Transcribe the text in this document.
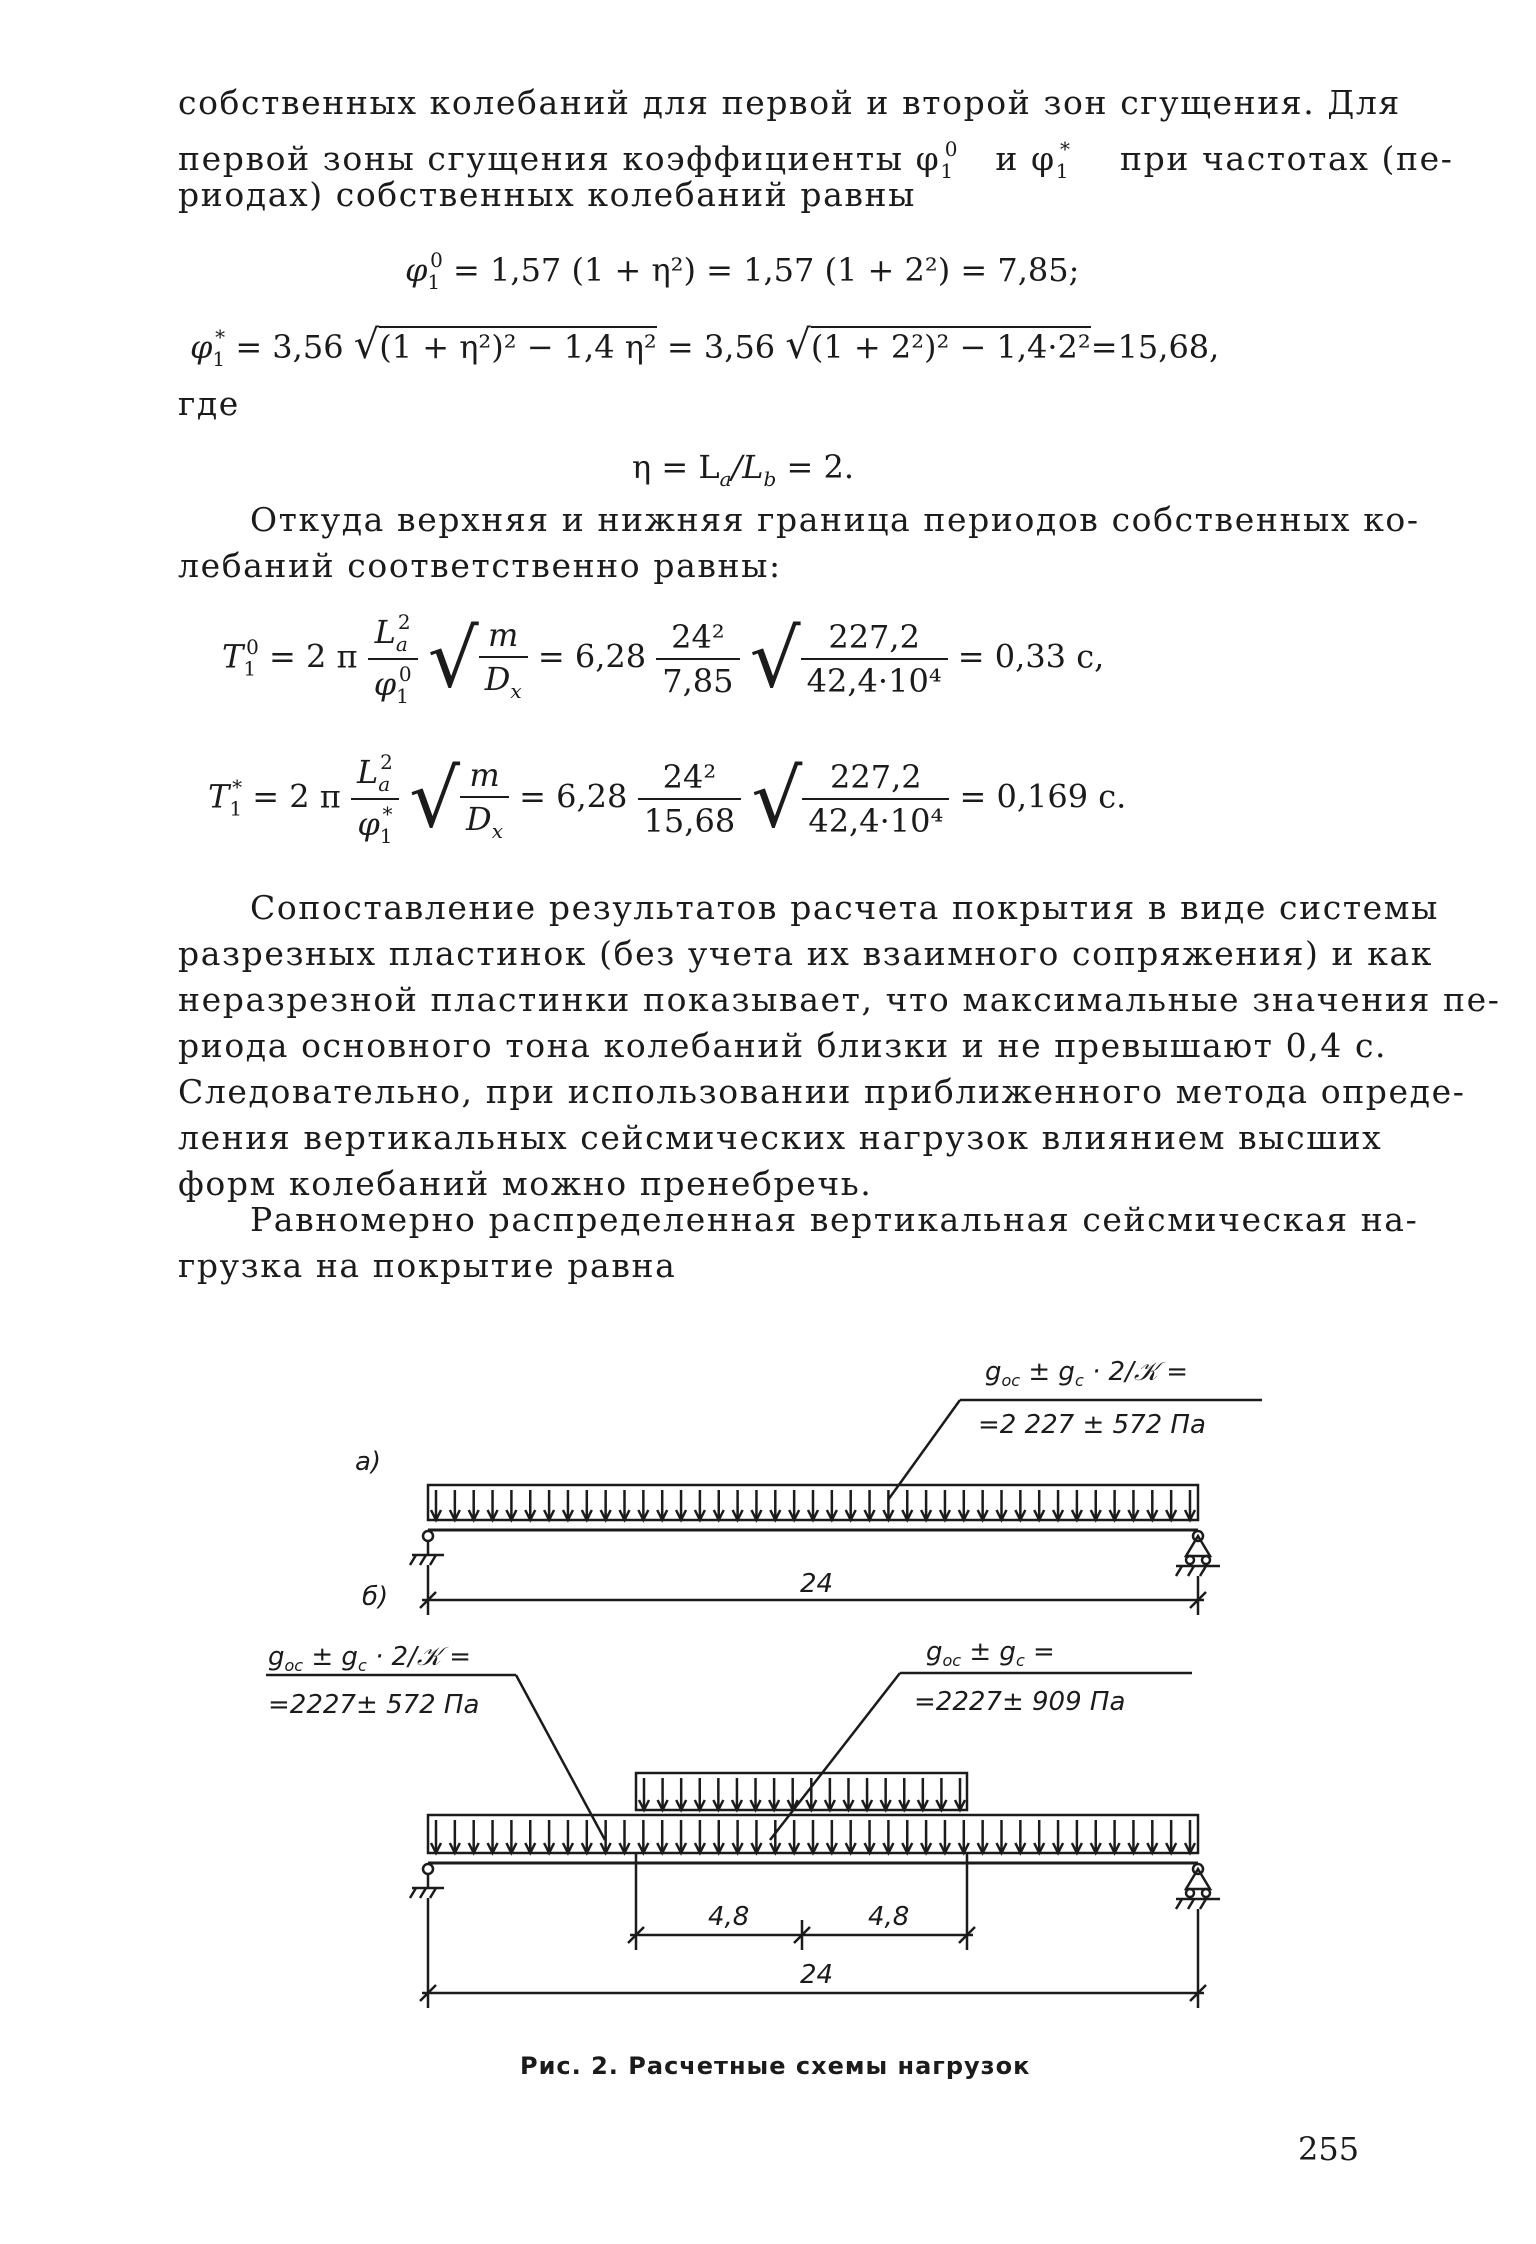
собственных колебаний для первой и второй зон сгущения. Для
первой зоны сгущения коэффициенты $\varphi_1^0$ и $\varphi_1^*$ при частотах (пе-
риодах) собственных колебаний равны
$\varphi_1^0 = 1,57$ (1 + η²) = 1,57 (1 + 2²) = 7,85;
$\varphi_1^* = 3,56$ √(1 + η²)² − 1,4 η² = 3,56 √(1 + 2²)² − 1,4·2²=15,68,
где
$\eta = L_a/L_b = 2$.
Откуда верхняя и нижняя граница периодов собственных ко-
лебаний соответственно равны:
$T_1^0 = 2$ π $\frac{L_a^2}{\varphi_1^0}$ √ $\frac{m}{D_x} = 6,28 \frac{\text{24²}}{7,85}$ √ $\frac{227,2}{\text{42,4·10⁴}} = 0,33$ с,
$T_1^* = 2$ π $\frac{L_a^2}{\varphi_1^*}$ √ $\frac{m}{D_x} = 6,28 \frac{\text{24²}}{15,68}$ √ $\frac{227,2}{\text{42,4·10⁴}} = 0,169$ с.
Сопоставление результатов расчета покрытия в виде системы
разрезных пластинок (без учета их взаимного сопряжения) и как
неразрезной пластинки показывает, что максимальные значения пе-
риода основного тона колебаний близки и не превышают 0,4 с.
Следовательно, при использовании приближенного метода опреде-
ления вертикальных сейсмических нагрузок влиянием высших
форм колебаний можно пренебречь.
Равномерно распределенная вертикальная сейсмическая на-
грузка на покрытие равна
а)
$g_{ос} \pm g_с$ · 2/𝒦 =
=2 227 ± 572 Па
24
б)
$g_{ос} \pm g_с$ · 2/𝒦 =
=2227± 572 Па
$g_{ос} \pm g_с$ =
=2227± 909 Па
4,8	4,8
24
Рис. 2. Расчетные схемы нагрузок
255
